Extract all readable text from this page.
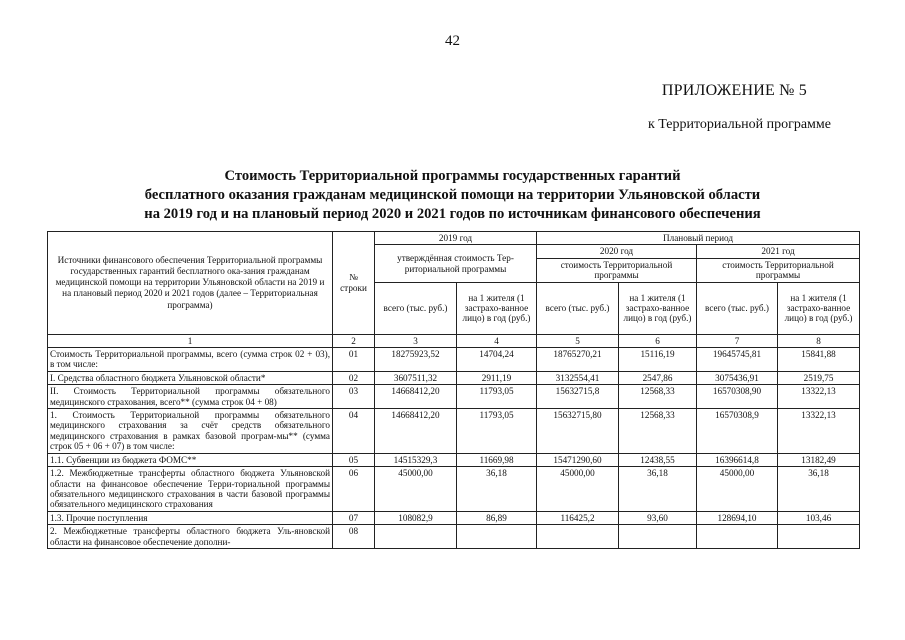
42
ПРИЛОЖЕНИЕ № 5
к Территориальной программе
Стоимость Территориальной программы государственных гарантий
бесплатного оказания гражданам медицинской помощи на территории Ульяновской области
на 2019 год и на плановый период 2020 и 2021 годов по источникам финансового обеспечения
Источники финансового обеспечения Территориальной программы государственных гарантий бесплатного ока-зания гражданам медицинской помощи на территории Ульяновской области на 2019 и на плановый период 2020 и 2021 годов (далее – Территориальная программа)	№ строки	2019 год		Плановый период			
		утверждённая стоимость Тер-риториальной программы		2020 год		2021 год	
				стоимость Территориальной программы		стоимость Территориальной программы	
		всего (тыс. руб.)	на 1 жителя (1 застрахо-ванное лицо) в год (руб.)	всего (тыс. руб.)	на 1 жителя (1 застрахо-ванное лицо) в год (руб.)	всего (тыс. руб.)	на 1 жителя (1 застрахо-ванное лицо) в год (руб.)
1	2	3	4	5	6	7	8
Стоимость Территориальной программы, всего (сумма строк 02 + 03), в том числе:	01	18275923,52	14704,24	18765270,21	15116,19	19645745,81	15841,88
I. Средства областного бюджета Ульяновской области*	02	3607511,32	2911,19	3132554,41	2547,86	3075436,91	2519,75
II. Стоимость Территориальной программы обязательного медицинского страхования, всего** (сумма строк 04 + 08)	03	14668412,20	11793,05	15632715,8	12568,33	16570308,90	13322,13
1. Стоимость Территориальной программы обязательного медицинского страхования за счёт средств обязательного медицинского страхования в рамках базовой програм-мы** (сумма строк 05 + 06 + 07) в том числе:	04	14668412,20	11793,05	15632715,80	12568,33	16570308,9	13322,13
1.1. Субвенции из бюджета ФОМС**	05	14515329,3	11669,98	15471290,60	12438,55	16396614,8	13182,49
1.2. Межбюджетные трансферты областного бюджета Ульяновской области на финансовое обеспечение Терри-ториальной программы обязательного медицинского страхования в части базовой программы обязательного медицинского страхования	06	45000,00	36,18	45000,00	36,18	45000,00	36,18
1.3. Прочие поступления	07	108082,9	86,89	116425,2	93,60	128694,10	103,46
2. Межбюджетные трансферты областного бюджета Уль-яновской области на финансовое обеспечение дополни-	08						
